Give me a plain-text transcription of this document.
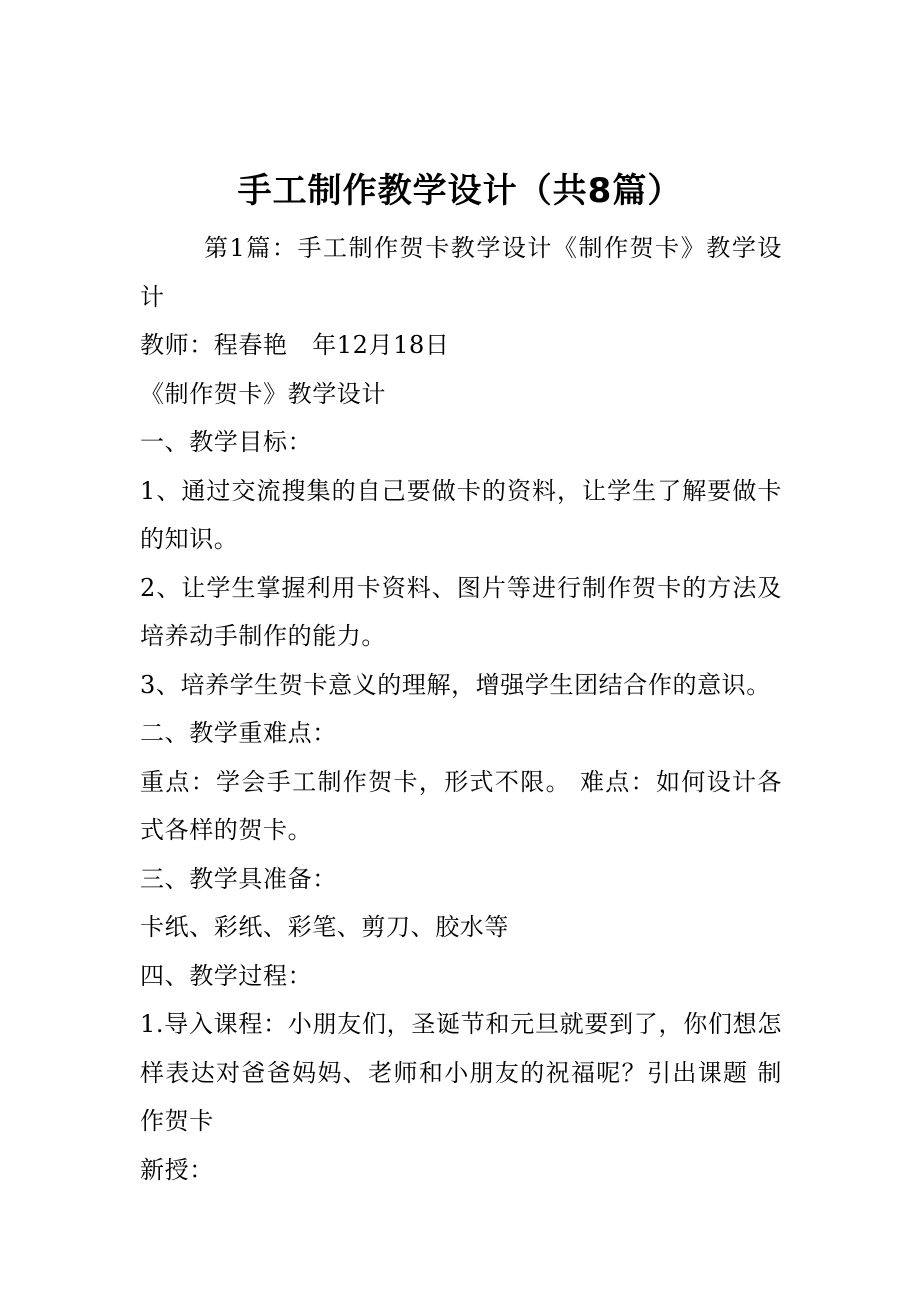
手工制作教学设计（共8篇）

第1篇：手工制作贺卡教学设计《制作贺卡》教学设计

教师：程春艳　年12月18日

《制作贺卡》教学设计

一、教学目标：

1、通过交流搜集的自己要做卡的资料，让学生了解要做卡的知识。

2、让学生掌握利用卡资料、图片等进行制作贺卡的方法及培养动手制作的能力。

3、培养学生贺卡意义的理解，增强学生团结合作的意识。

二、教学重难点：

重点：学会手工制作贺卡，形式不限。 难点：如何设计各式各样的贺卡。

三、教学具准备：

卡纸、彩纸、彩笔、剪刀、胶水等

四、教学过程：

1.导入课程：小朋友们，圣诞节和元旦就要到了，你们想怎样表达对爸爸妈妈、老师和小朋友的祝福呢？引出课题 制作贺卡

新授：
